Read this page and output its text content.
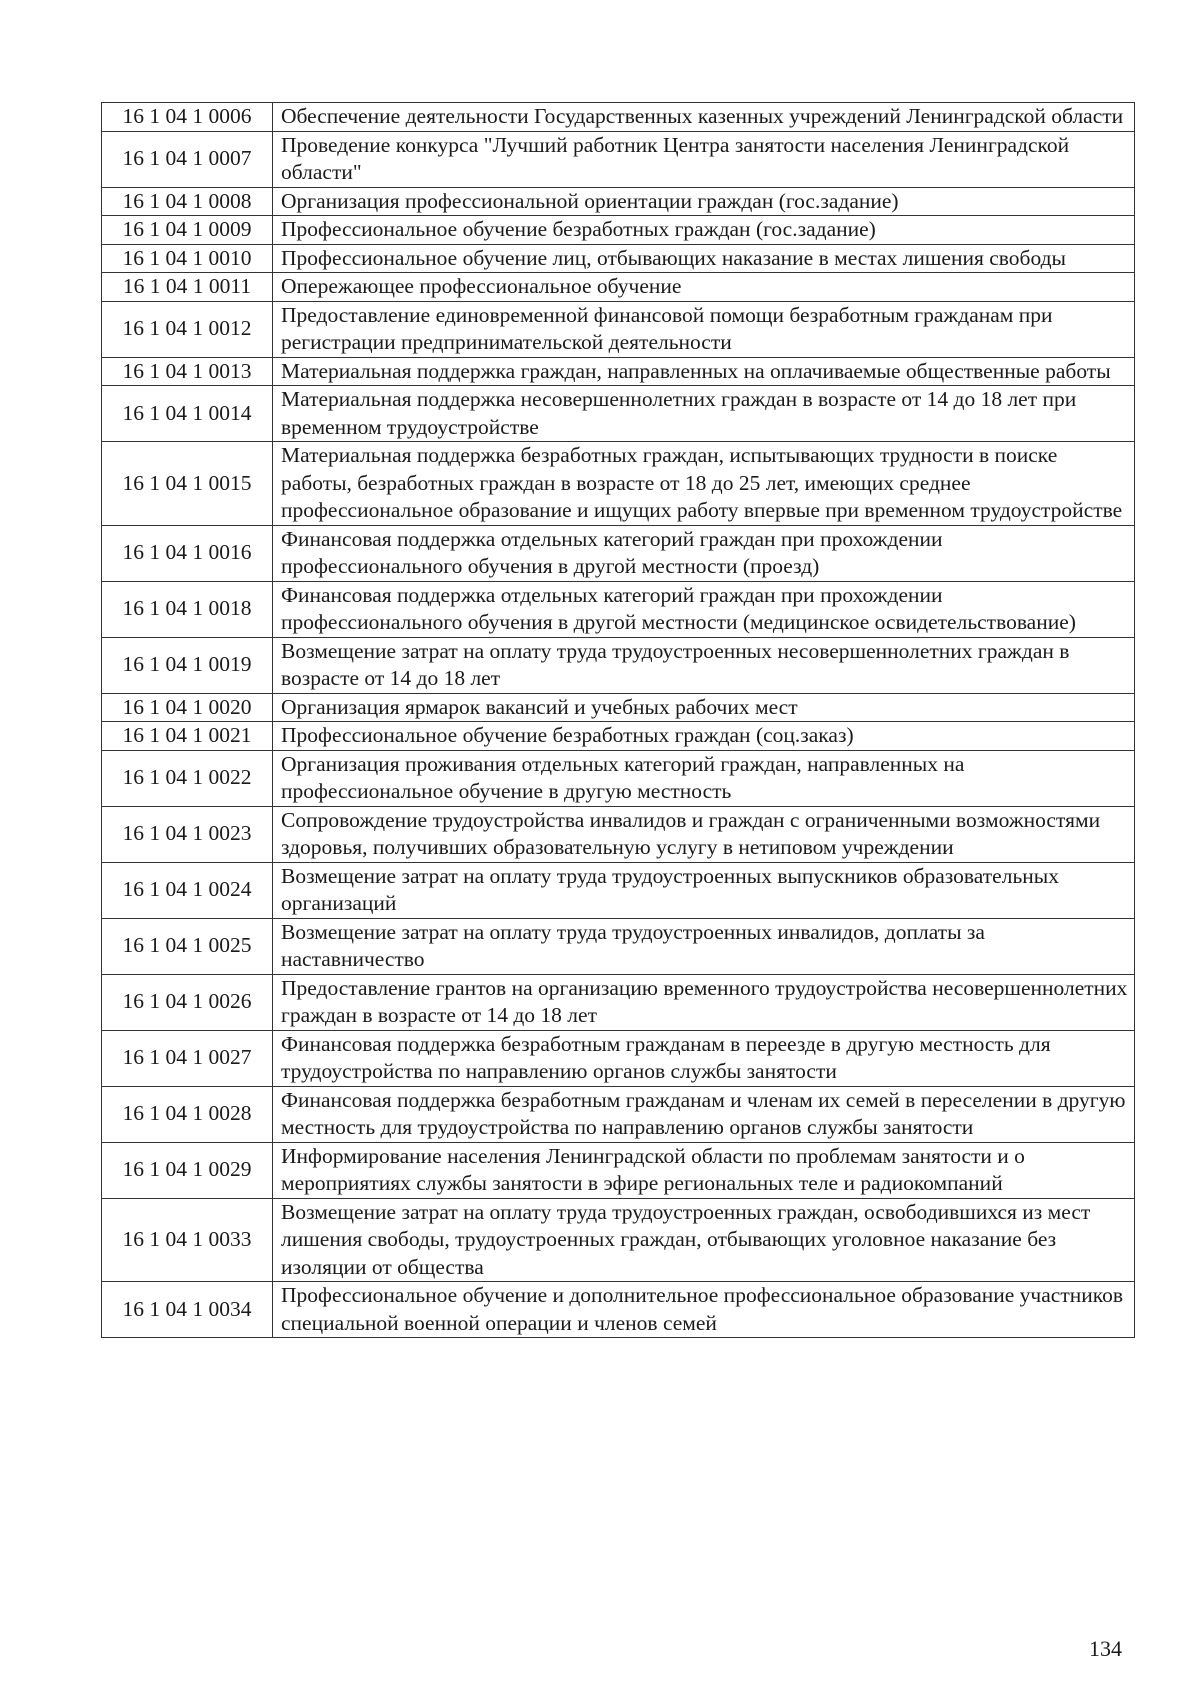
16 1 04 1 0006	Обеспечение деятельности Государственных казенных учреждений Ленинградской области
16 1 04 1 0007	Проведение конкурса "Лучший работник Центра занятости населения Ленинградской области"
16 1 04 1 0008	Организация профессиональной ориентации граждан (гос.задание)
16 1 04 1 0009	Профессиональное обучение безработных граждан (гос.задание)
16 1 04 1 0010	Профессиональное обучение лиц, отбывающих наказание в местах лишения свободы
16 1 04 1 0011	Опережающее профессиональное обучение
16 1 04 1 0012	Предоставление единовременной финансовой помощи безработным гражданам при регистрации предпринимательской деятельности
16 1 04 1 0013	Материальная поддержка граждан, направленных на оплачиваемые общественные работы
16 1 04 1 0014	Материальная поддержка несовершеннолетних граждан в возрасте от 14 до 18 лет при временном трудоустройстве
16 1 04 1 0015	Материальная поддержка безработных граждан, испытывающих трудности в поиске работы, безработных граждан в возрасте от 18 до 25 лет, имеющих среднее профессиональное образование и ищущих работу впервые при временном трудоустройстве
16 1 04 1 0016	Финансовая поддержка отдельных категорий граждан при прохождении профессионального обучения в другой местности (проезд)
16 1 04 1 0018	Финансовая поддержка отдельных категорий граждан при прохождении профессионального обучения в другой местности (медицинское освидетельствование)
16 1 04 1 0019	Возмещение затрат на оплату труда трудоустроенных несовершеннолетних граждан в возрасте от 14 до 18 лет
16 1 04 1 0020	Организация ярмарок вакансий и учебных рабочих мест
16 1 04 1 0021	Профессиональное обучение безработных граждан (соц.заказ)
16 1 04 1 0022	Организация проживания отдельных категорий граждан, направленных на профессиональное обучение в другую местность
16 1 04 1 0023	Сопровождение трудоустройства инвалидов и граждан с ограниченными возможностями здоровья, получивших образовательную услугу в нетиповом учреждении
16 1 04 1 0024	Возмещение затрат на оплату труда трудоустроенных выпускников образовательных организаций
16 1 04 1 0025	Возмещение затрат на оплату труда трудоустроенных инвалидов, доплаты за наставничество
16 1 04 1 0026	Предоставление грантов на организацию временного трудоустройства несовершеннолетних граждан в возрасте от 14 до 18 лет
16 1 04 1 0027	Финансовая поддержка безработным гражданам в переезде в другую местность для трудоустройства по направлению органов службы занятости
16 1 04 1 0028	Финансовая поддержка безработным гражданам и членам их семей в переселении в другую местность для трудоустройства по направлению органов службы занятости
16 1 04 1 0029	Информирование населения Ленинградской области по проблемам занятости и о мероприятиях службы занятости в эфире региональных теле и радиокомпаний
16 1 04 1 0033	Возмещение затрат на оплату труда трудоустроенных граждан, освободившихся из мест лишения свободы, трудоустроенных граждан, отбывающих уголовное наказание без изоляции от общества
16 1 04 1 0034	Профессиональное обучение и дополнительное профессиональное образование участников специальной военной операции и членов семей
134
